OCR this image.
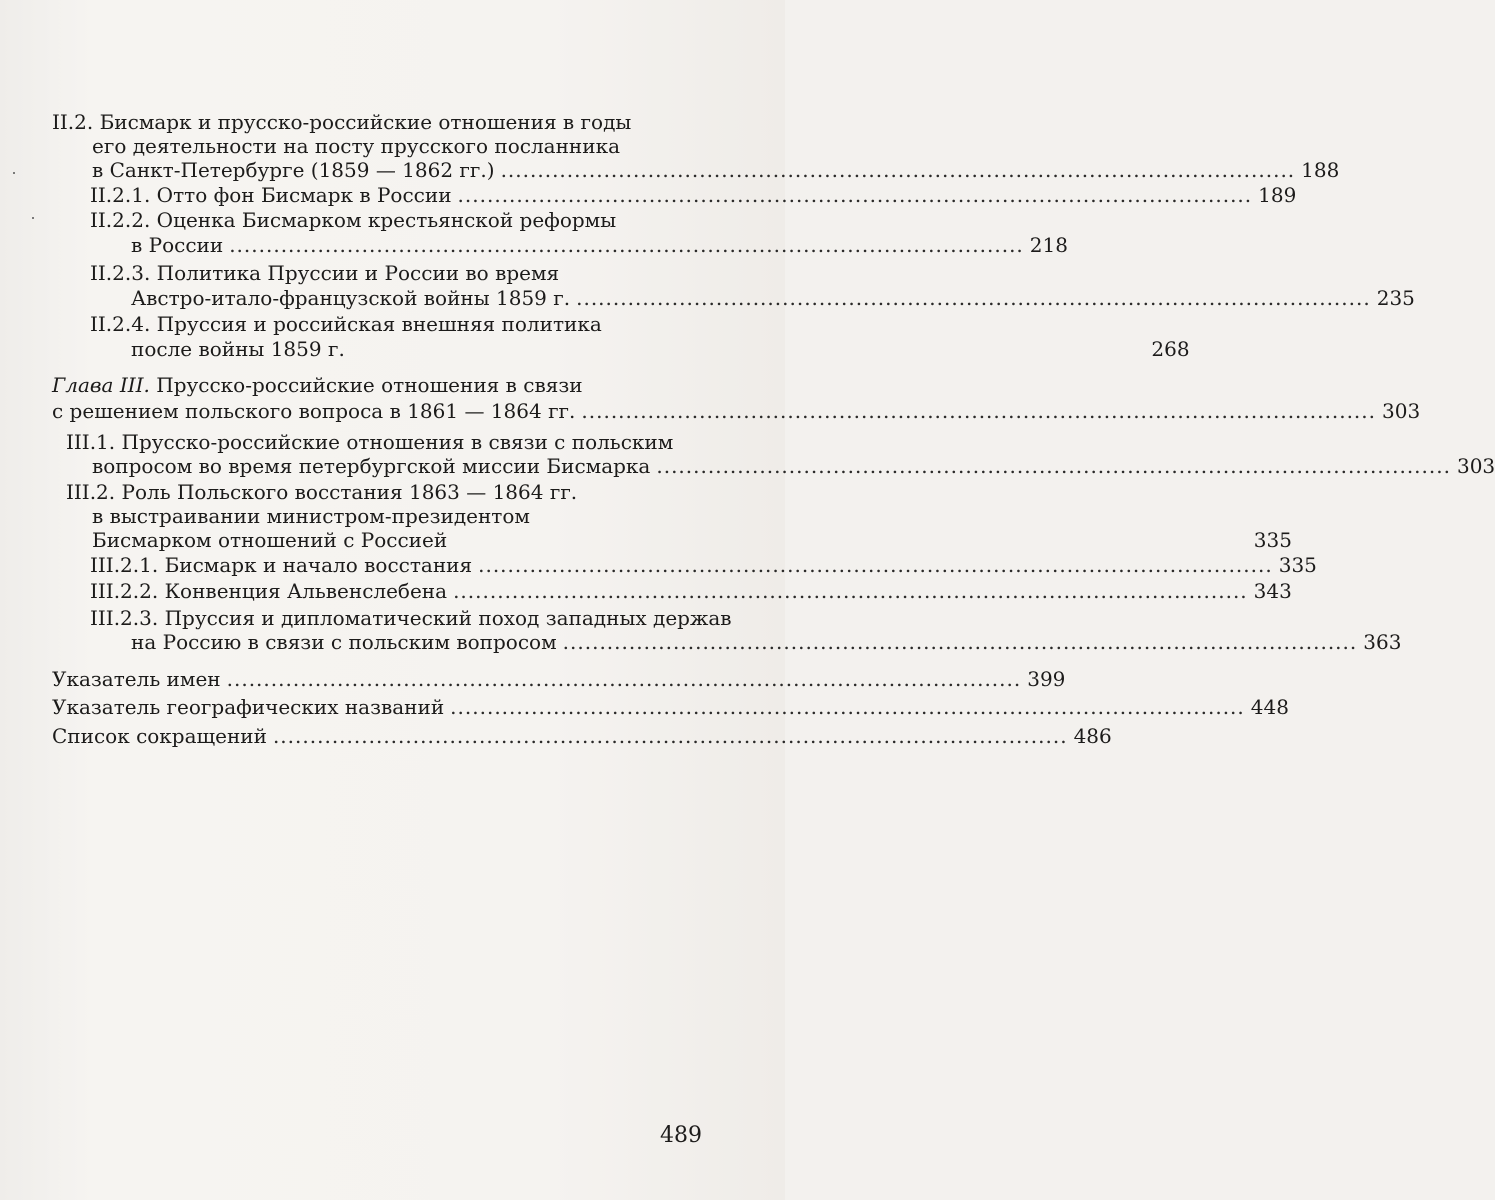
II.2. Бисмарк и прусско-российские отношения в годы
его деятельности на посту прусского посланника
в Санкт-Петербурге (1859 — 1862 гг.) ............................................................................................................ 188
II.2.1. Отто фон Бисмарк в России ............................................................................................................ 189
II.2.2. Оценка Бисмарком крестьянской реформы
в России ............................................................................................................ 218
II.2.3. Политика Пруссии и России во время
Австро-итало-французской войны 1859 г. ............................................................................................................ 235
II.2.4. Пруссия и российская внешняя политика
после войны 1859 г.	268
Глава III. Прусско-российские отношения в связи
с решением польского вопроса в 1861 — 1864 гг. ............................................................................................................ 303
III.1. Прусско-российские отношения в связи с польским
вопросом во время петербургской миссии Бисмарка ............................................................................................................ 303
III.2. Роль Польского восстания 1863 — 1864 гг.
в выстраивании министром-президентом
Бисмарком отношений с Россией	335
III.2.1. Бисмарк и начало восстания ............................................................................................................ 335
III.2.2. Конвенция Альвенслебена ............................................................................................................ 343
III.2.3. Пруссия и дипломатический поход западных держав
на Россию в связи с польским вопросом ............................................................................................................ 363
Указатель имен ............................................................................................................ 399
Указатель географических названий ............................................................................................................ 448
Список сокращений ............................................................................................................ 486
489
